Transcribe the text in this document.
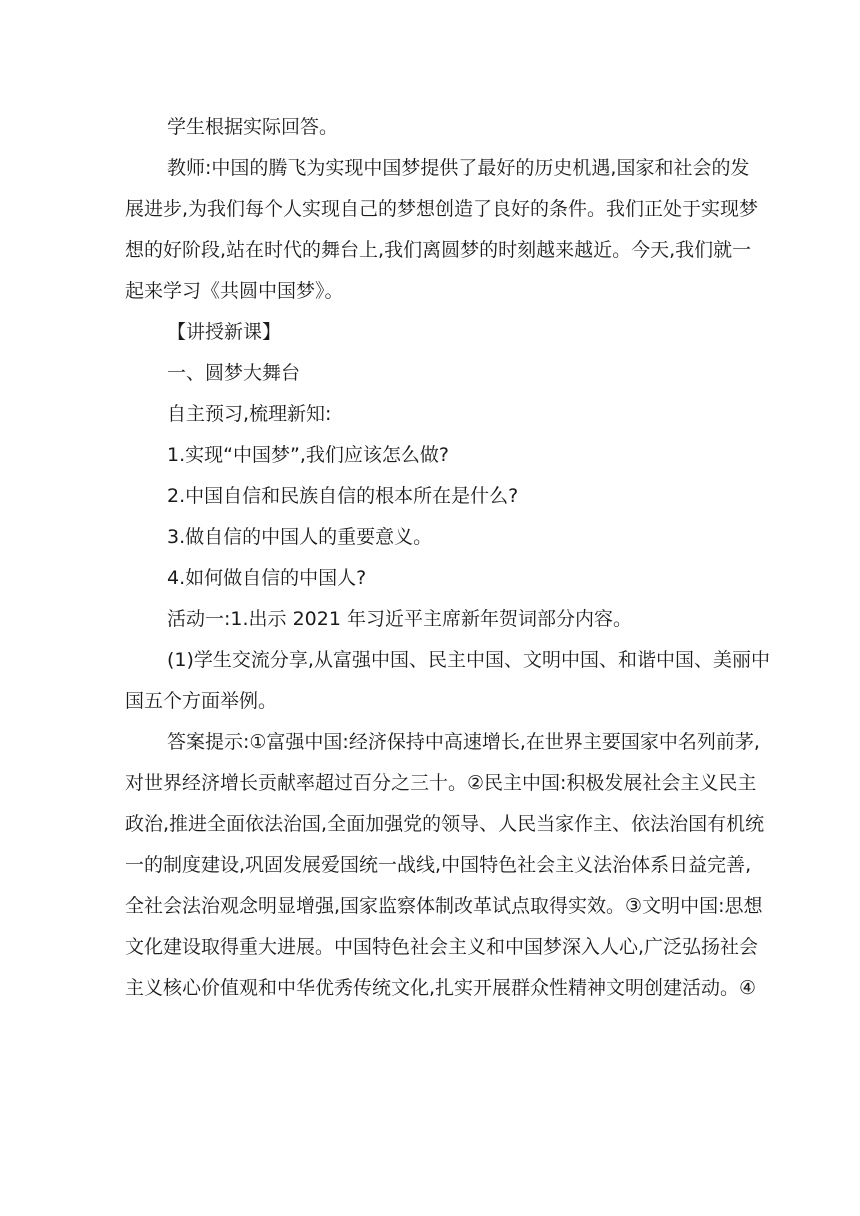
学生根据实际回答。
教师:中国的腾飞为实现中国梦提供了最好的历史机遇,国家和社会的发
展进步,为我们每个人实现自己的梦想创造了良好的条件。我们正处于实现梦
想的好阶段,站在时代的舞台上,我们离圆梦的时刻越来越近。今天,我们就一
起来学习《共圆中国梦》。
【讲授新课】
一、圆梦大舞台
自主预习,梳理新知:
1.实现“中国梦”,我们应该怎么做?
2.中国自信和民族自信的根本所在是什么?
3.做自信的中国人的重要意义。
4.如何做自信的中国人?
活动一:1.出示 2021 年习近平主席新年贺词部分内容。
(1)学生交流分享,从富强中国、民主中国、文明中国、和谐中国、美丽中
国五个方面举例。
答案提示:①富强中国:经济保持中高速增长,在世界主要国家中名列前茅,
对世界经济增长贡献率超过百分之三十。②民主中国:积极发展社会主义民主
政治,推进全面依法治国,全面加强党的领导、人民当家作主、依法治国有机统
一的制度建设,巩固发展爱国统一战线,中国特色社会主义法治体系日益完善,
全社会法治观念明显增强,国家监察体制改革试点取得实效。③文明中国:思想
文化建设取得重大进展。中国特色社会主义和中国梦深入人心,广泛弘扬社会
主义核心价值观和中华优秀传统文化,扎实开展群众性精神文明创建活动。④
